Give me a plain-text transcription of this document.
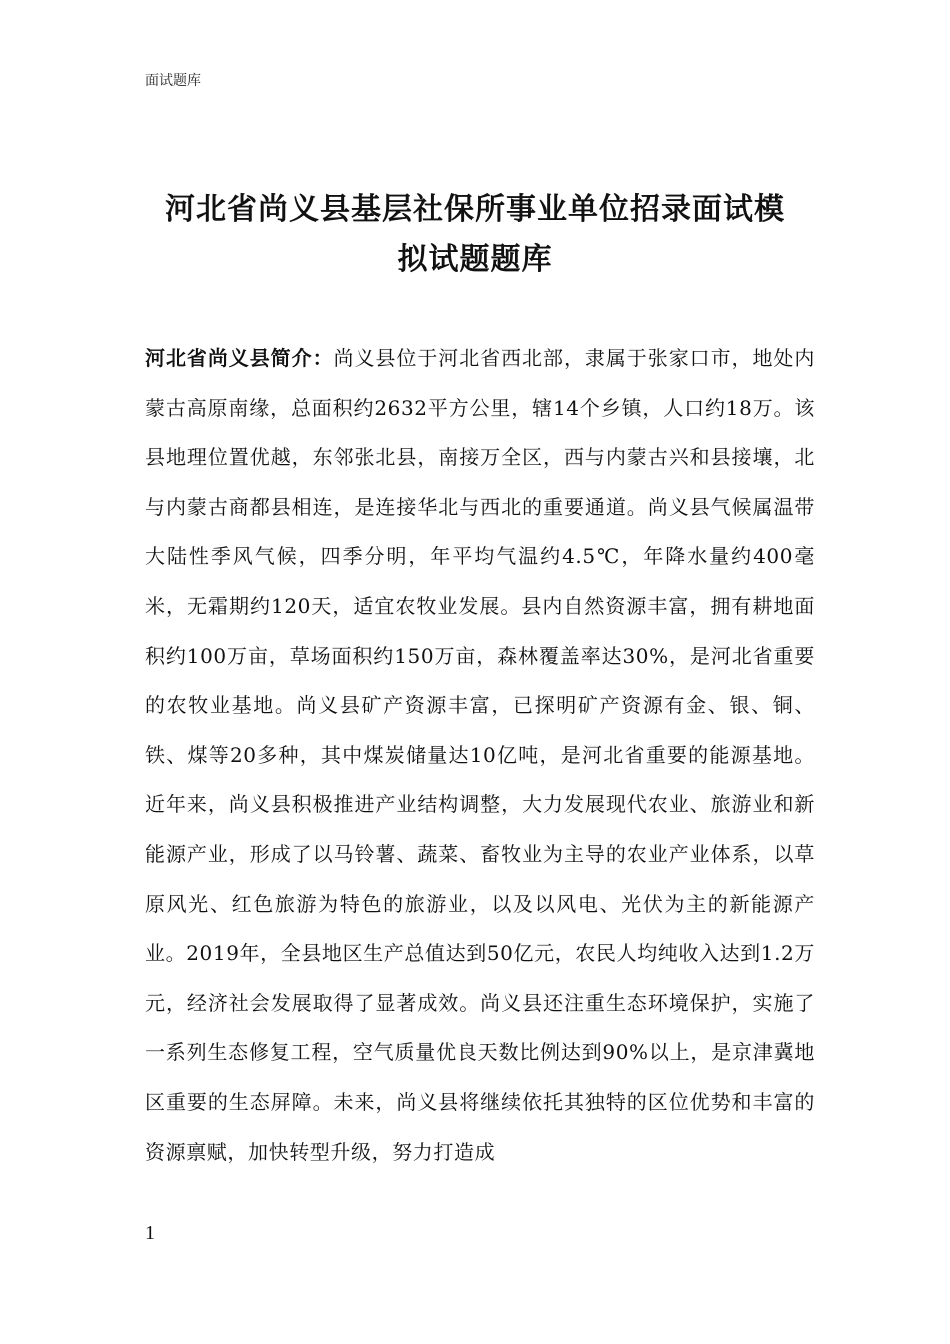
面试题库
河北省尚义县基层社保所事业单位招录面试模
拟试题题库
河北省尚义县简介：尚义县位于河北省西北部，隶属于张家口市，地处内蒙古高原南缘，总面积约2632平方公里，辖14个乡镇，人口约18万。该县地理位置优越，东邻张北县，南接万全区，西与内蒙古兴和县接壤，北与内蒙古商都县相连，是连接华北与西北的重要通道。尚义县气候属温带大陆性季风气候，四季分明，年平均气温约4.5℃，年降水量约400毫米，无霜期约120天，适宜农牧业发展。县内自然资源丰富，拥有耕地面积约100万亩，草场面积约150万亩，森林覆盖率达30%，是河北省重要的农牧业基地。尚义县矿产资源丰富，已探明矿产资源有金、银、铜、铁、煤等20多种，其中煤炭储量达10亿吨，是河北省重要的能源基地。近年来，尚义县积极推进产业结构调整，大力发展现代农业、旅游业和新能源产业，形成了以马铃薯、蔬菜、畜牧业为主导的农业产业体系，以草原风光、红色旅游为特色的旅游业，以及以风电、光伏为主的新能源产业。2019年，全县地区生产总值达到50亿元，农民人均纯收入达到1.2万元，经济社会发展取得了显著成效。尚义县还注重生态环境保护，实施了一系列生态修复工程，空气质量优良天数比例达到90%以上，是京津冀地区重要的生态屏障。未来，尚义县将继续依托其独特的区位优势和丰富的资源禀赋，加快转型升级，努力打造成
1
